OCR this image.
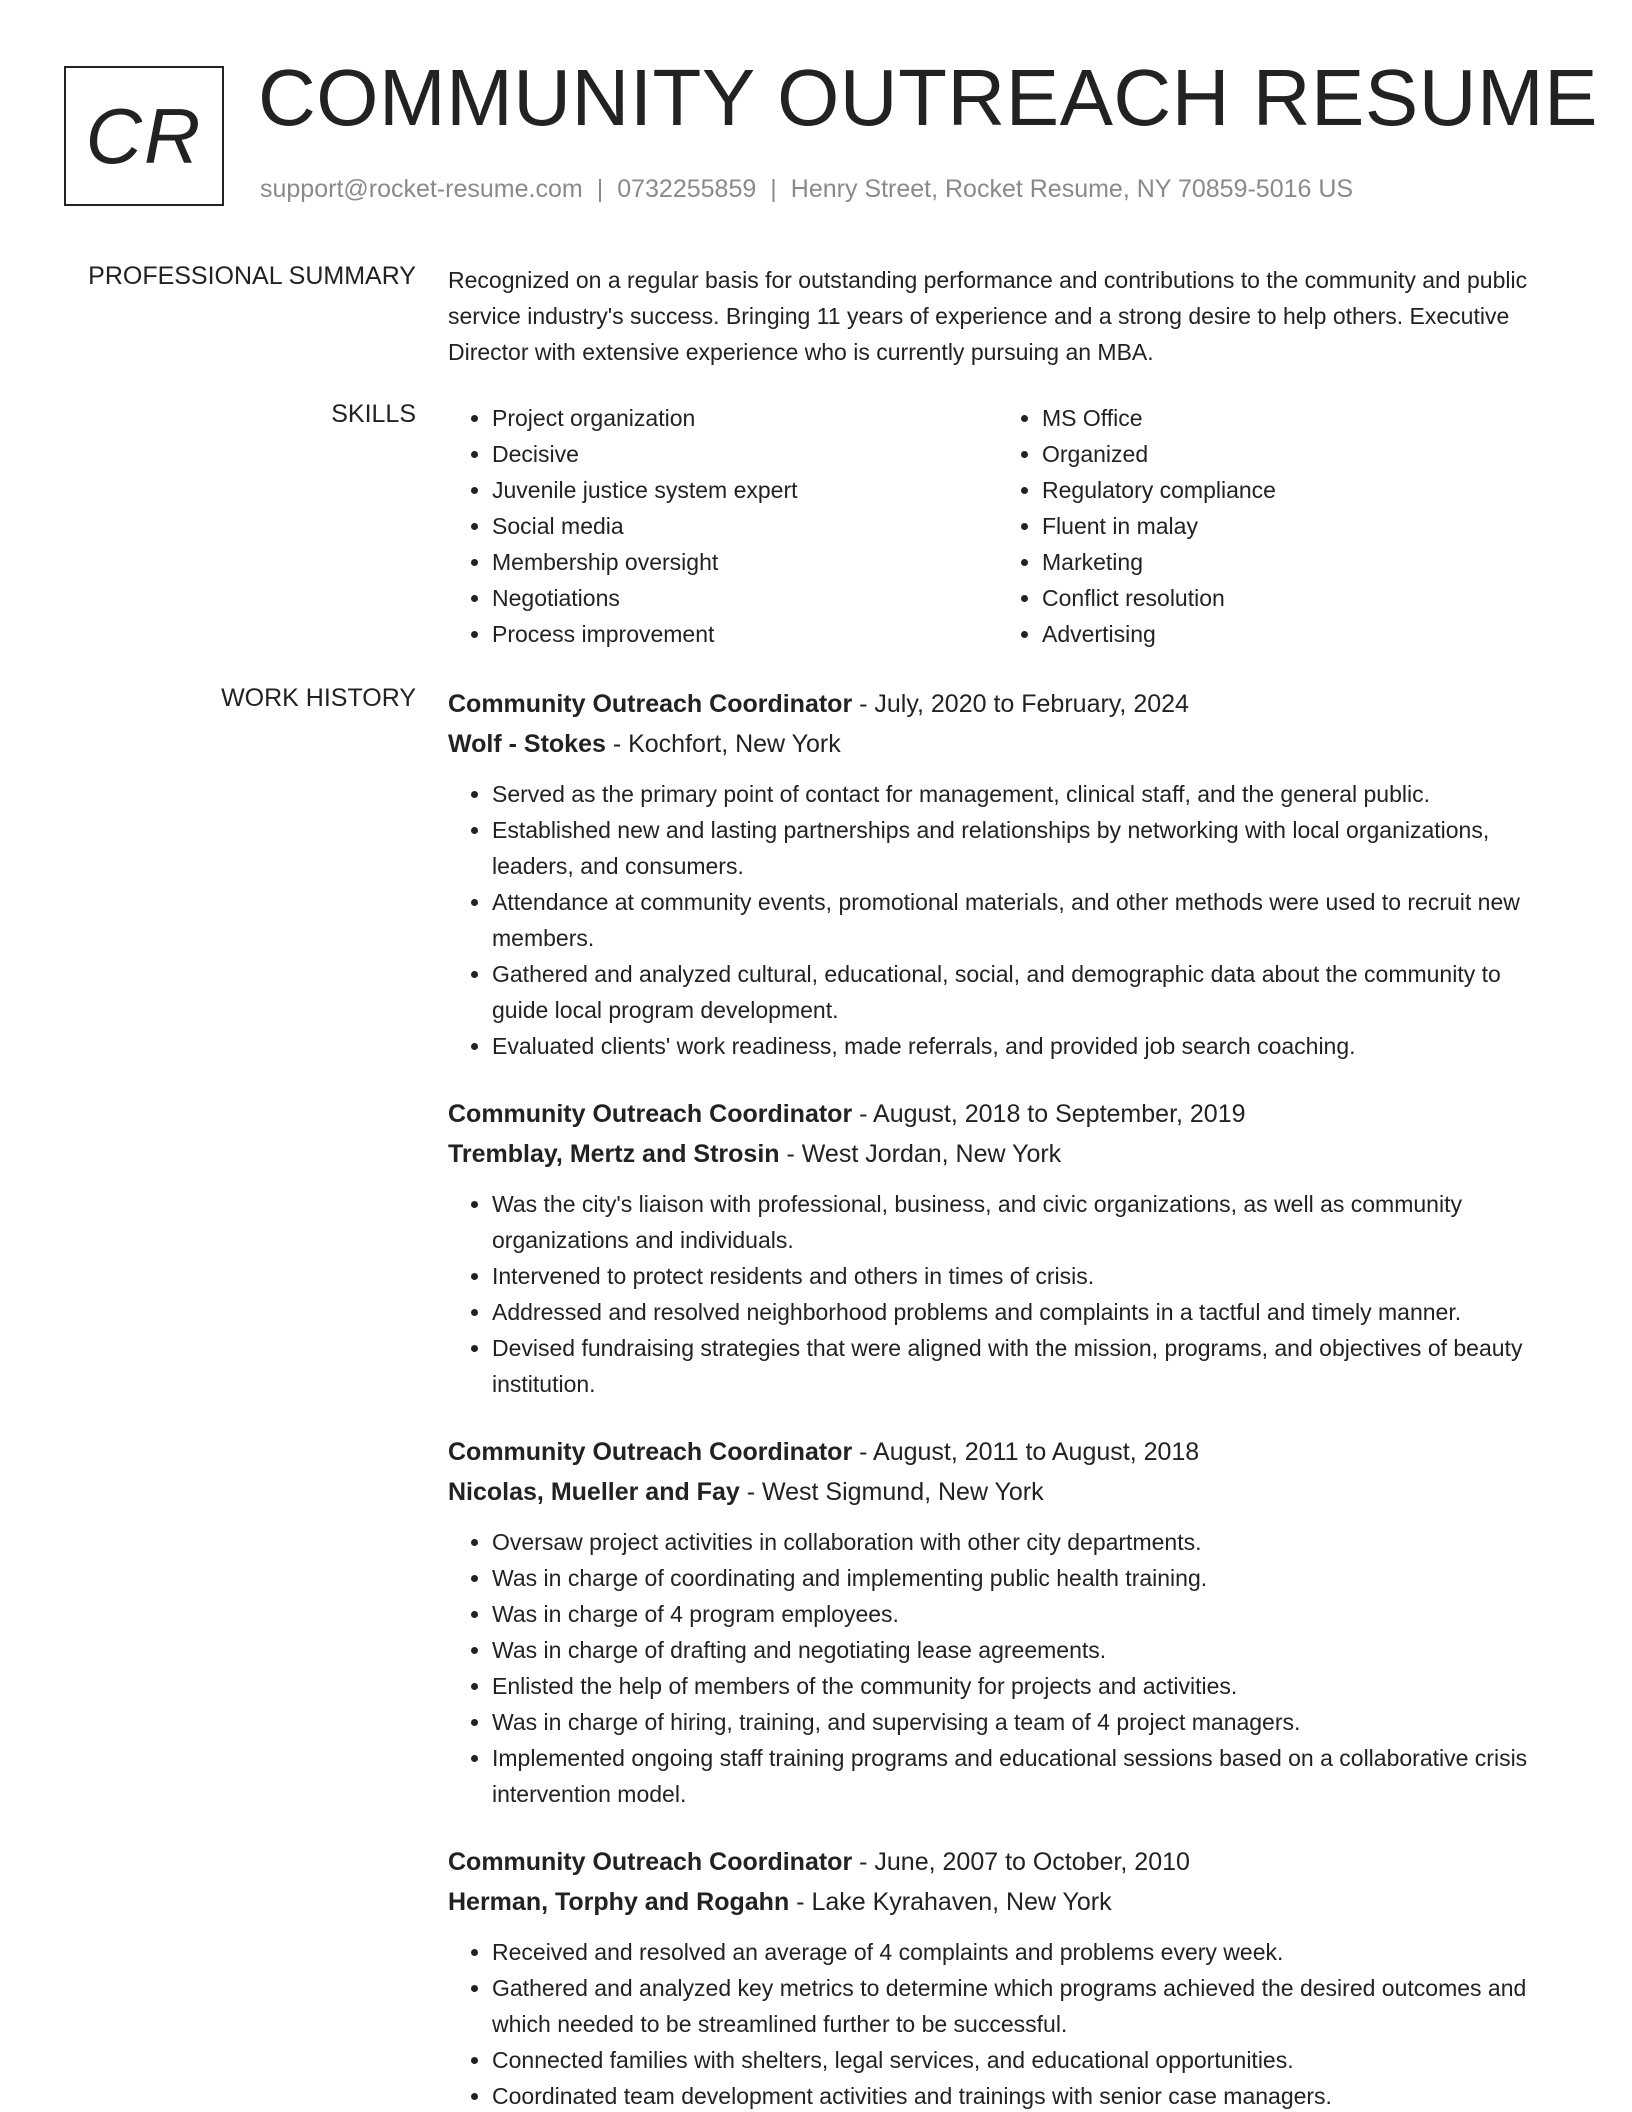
CR COMMUNITY OUTREACH RESUME
support@rocket-resume.com | 0732255859 | Henry Street, Rocket Resume, NY 70859-5016 US
PROFESSIONAL SUMMARY Recognized on a regular basis for outstanding performance and contributions to the community and public service industry's success. Bringing 11 years of experience and a strong desire to help others. Executive Director with extensive experience who is currently pursuing an MBA.

SKILLS
•	Project organization
• Decisive
• Juvenile justice system expert
• Social media
• Membership oversight
• Negotiations
• Process improvement
• MS Office
• Organized
• Regulatory compliance
• Fluent in malay
• Marketing
• Conflict resolution
• Advertising
WORK HISTORY Community Outreach Coordinator - July, 2020 to February, 2024
Wolf - Stokes - Kochfort, New York
• Served as the primary point of contact for management, clinical staff, and the general public.
• Established new and lasting partnerships and relationships by networking with local organizations, leaders, and consumers.
• Attendance at community events, promotional materials, and other methods were used to recruit new members.
• Gathered and analyzed cultural, educational, social, and demographic data about the community to guide local program development.
• Evaluated clients' work readiness, made referrals, and provided job search coaching.
Community Outreach Coordinator - August, 2018 to September, 2019
Tremblay, Mertz and Strosin - West Jordan, New York
• Was the city's liaison with professional, business, and civic organizations, as well as community organizations and individuals.
• Intervened to protect residents and others in times of crisis.
• Addressed and resolved neighborhood problems and complaints in a tactful and timely manner.
• Devised fundraising strategies that were aligned with the mission, programs, and objectives of beauty institution.
Community Outreach Coordinator - August, 2011 to August, 2018
Nicolas, Mueller and Fay - West Sigmund, New York
• Oversaw project activities in collaboration with other city departments.
• Was in charge of coordinating and implementing public health training.
• Was in charge of 4 program employees.
• Was in charge of drafting and negotiating lease agreements.
• Enlisted the help of members of the community for projects and activities.
• Was in charge of hiring, training, and supervising a team of 4 project managers.
• Implemented ongoing staff training programs and educational sessions based on a collaborative crisis intervention model.
Community Outreach Coordinator - June, 2007 to October, 2010
Herman, Torphy and Rogahn - Lake Kyrahaven, New York
• Received and resolved an average of 4 complaints and problems every week.
• Gathered and analyzed key metrics to determine which programs achieved the desired outcomes and which needed to be streamlined further to be successful.
• Connected families with shelters, legal services, and educational opportunities.
• Coordinated team development activities and trainings with senior case managers.
